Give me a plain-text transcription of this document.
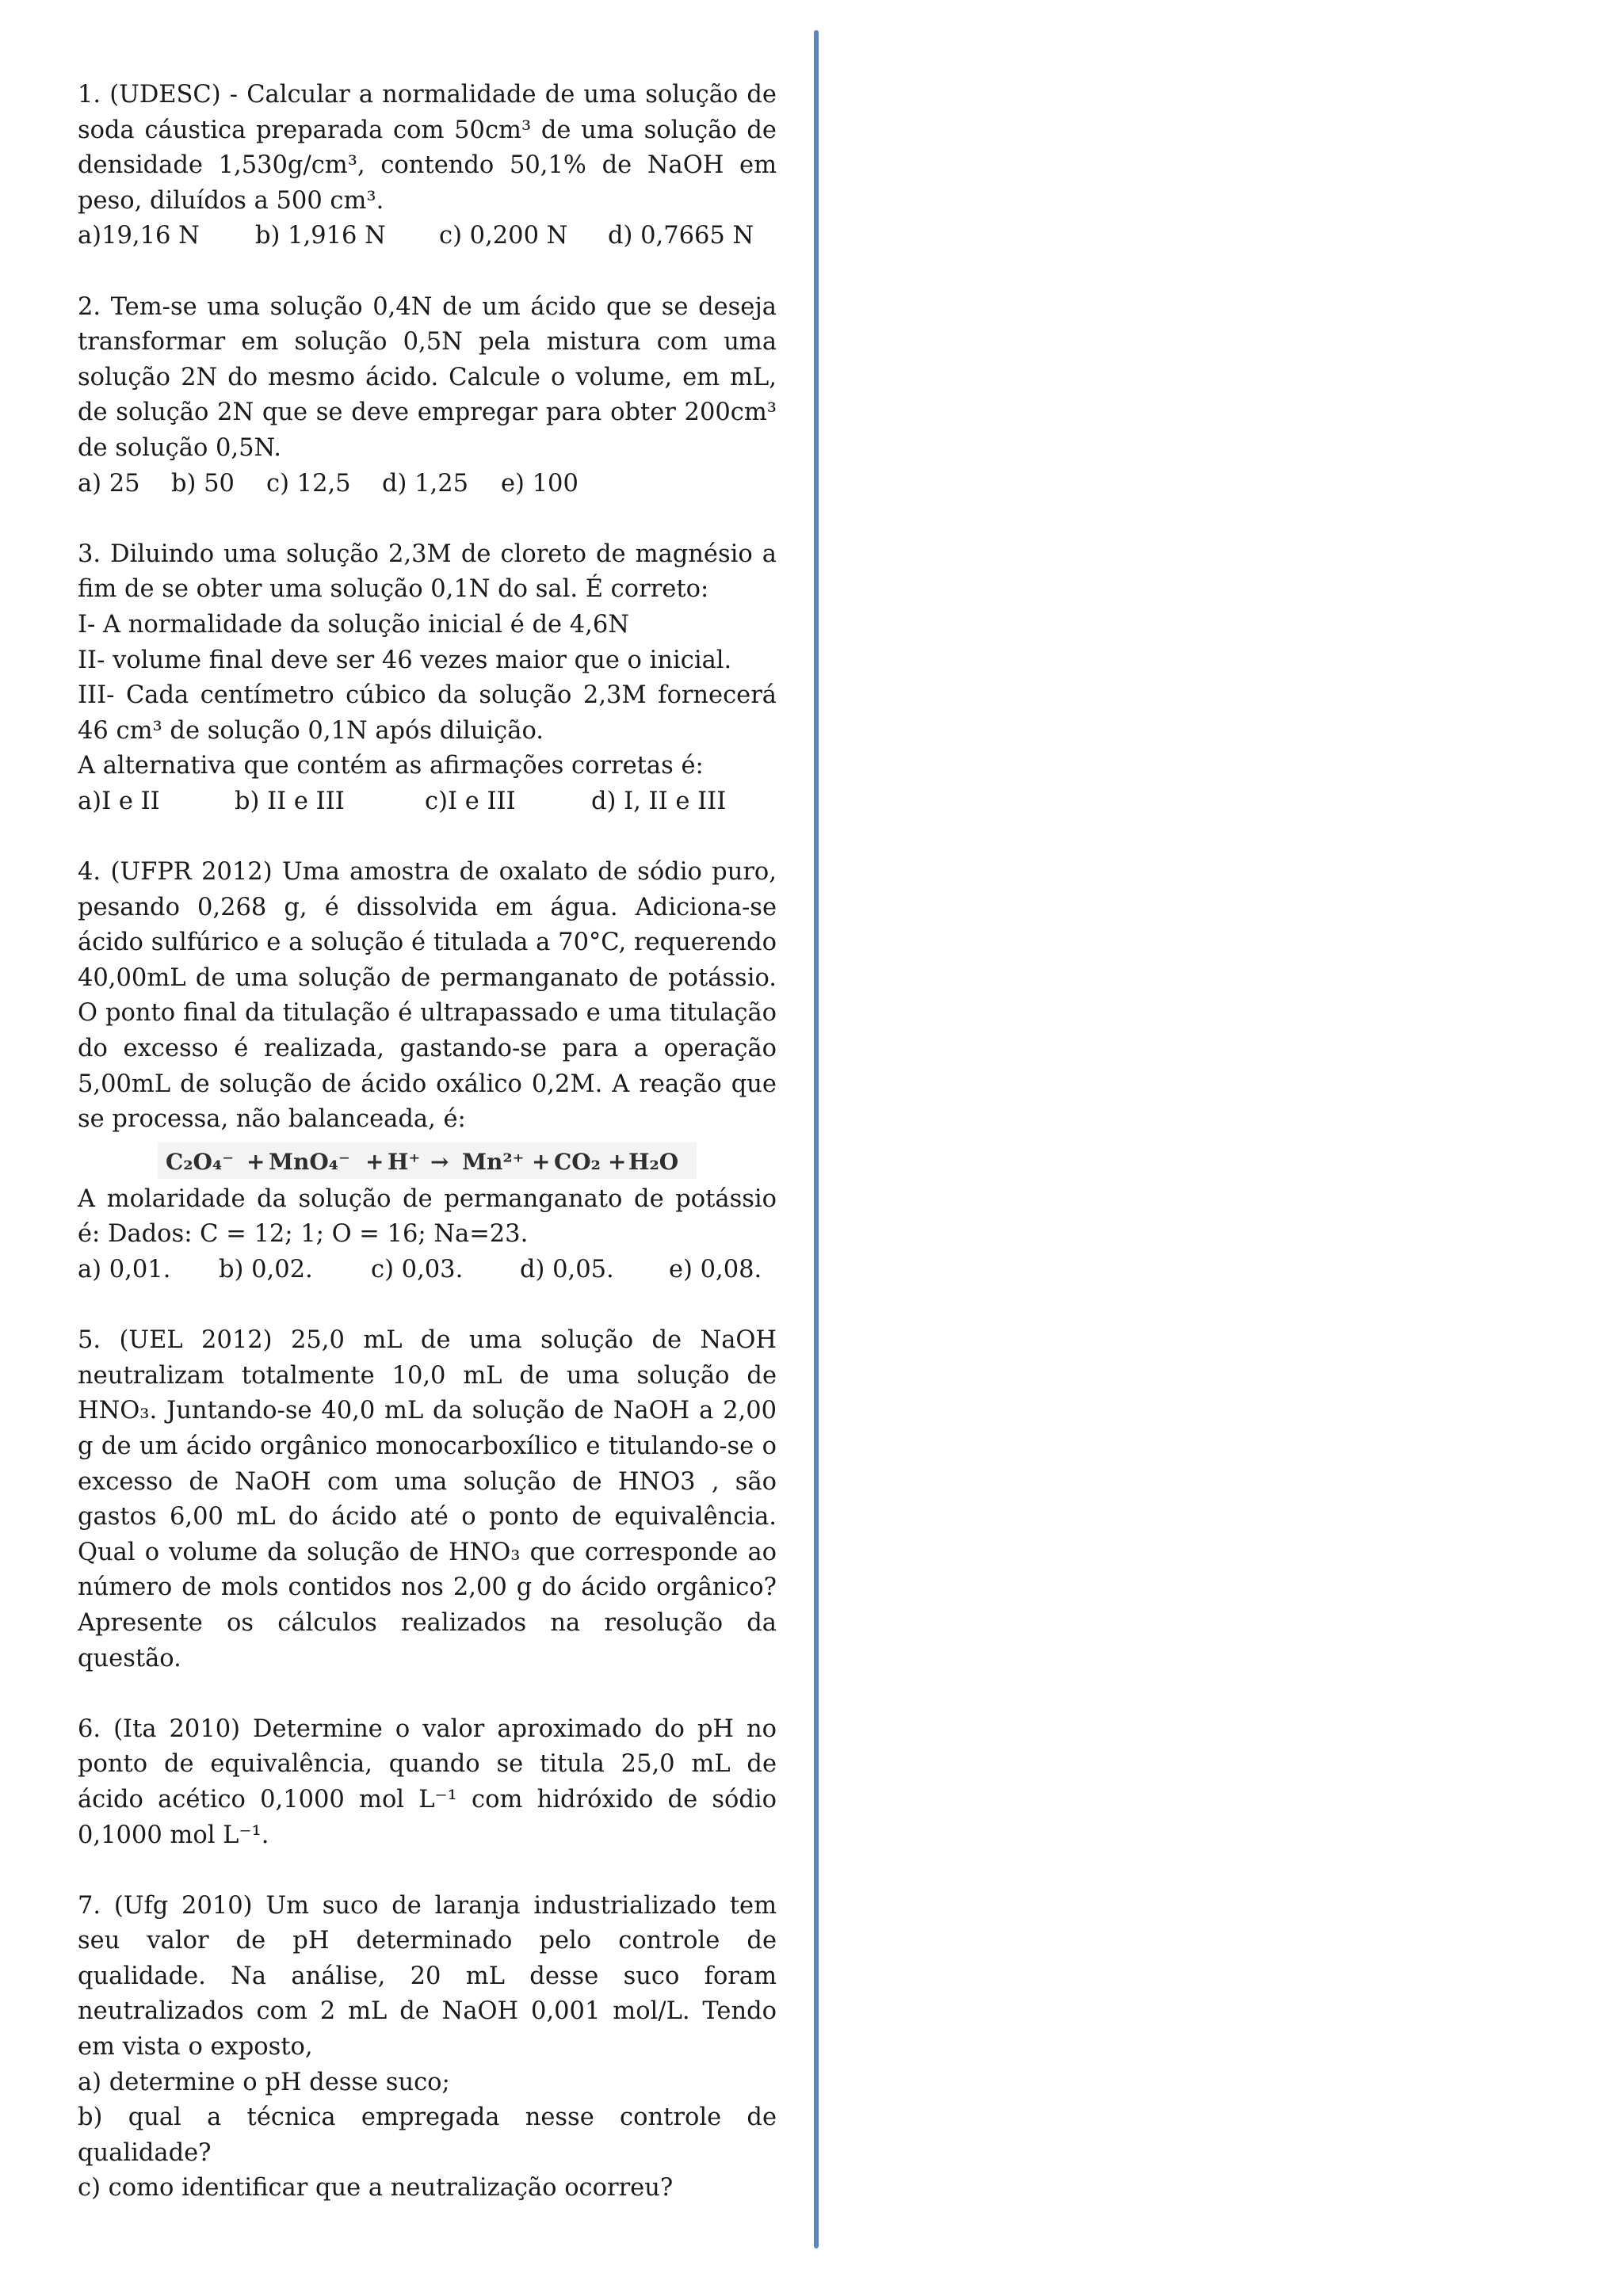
1. (UDESC) - Calcular a normalidade de uma solução de soda cáustica preparada com 50cm³ de uma solução de densidade 1,530g/cm³, contendo 50,1% de NaOH em peso, diluídos a 500 cm³.

a)19,16 N b) 1,916 N c) 0,200 N d) 0,7665 N

2. Tem-se uma solução 0,4N de um ácido que se deseja transformar em solução 0,5N pela mistura com uma solução 2N do mesmo ácido. Calcule o volume, em mL, de solução 2N que se deve empregar para obter 200cm³ de solução 0,5N.

a) 25 b) 50 c) 12,5 d) 1,25 e) 100

3. Diluindo uma solução 2,3M de cloreto de magnésio a fim de se obter uma solução 0,1N do sal. É correto:

I- A normalidade da solução inicial é de 4,6N

II- volume final deve ser 46 vezes maior que o inicial.

III- Cada centímetro cúbico da solução 2,3M fornecerá 46 cm³ de solução 0,1N após diluição.

A alternativa que contém as afirmações corretas é:

a)I e II	b) II e III	c)I e III	d) I, II e III

4. (UFPR 2012) Uma amostra de oxalato de sódio puro, pesando 0,268 g, é dissolvida em água. Adiciona-se ácido sulfúrico e a solução é titulada a 70°C, requerendo 40,00mL de uma solução de permanganato de potássio. O ponto final da titulação é ultrapassado e uma titulação do excesso é realizada, gastando-se para a operação 5,00mL de solução de ácido oxálico 0,2M. A reação que se processa, não balanceada, é:

C₂O₄⁻ + MnO₄⁻ + H⁺ → Mn²⁺ + CO₂ + H₂O

A molaridade da solução de permanganato de potássio é: Dados: C = 12; 1; O = 16; Na=23.

a) 0,01. b) 0,02. c) 0,03. d) 0,05. e) 0,08.

5. (UEL 2012) 25,0 mL de uma solução de NaOH neutralizam totalmente 10,0 mL de uma solução de HNO₃. Juntando-se 40,0 mL da solução de NaOH a 2,00 g de um ácido orgânico monocarboxílico e titulando-se o excesso de NaOH com uma solução de HNO3 , são gastos 6,00 mL do ácido até o ponto de equivalência. Qual o volume da solução de HNO₃ que corresponde ao número de mols contidos nos 2,00 g do ácido orgânico? Apresente os cálculos realizados na resolução da questão.

6. (Ita 2010) Determine o valor aproximado do pH no ponto de equivalência, quando se titula 25,0 mL de ácido acético 0,1000 mol L⁻¹ com hidróxido de sódio 0,1000 mol L⁻¹.

7. (Ufg 2010) Um suco de laranja industrializado tem seu valor de pH determinado pelo controle de qualidade. Na análise, 20 mL desse suco foram neutralizados com 2 mL de NaOH 0,001 mol/L. Tendo em vista o exposto,

a) determine o pH desse suco;

b) qual a técnica empregada nesse controle de qualidade?

c) como identificar que a neutralização ocorreu?
